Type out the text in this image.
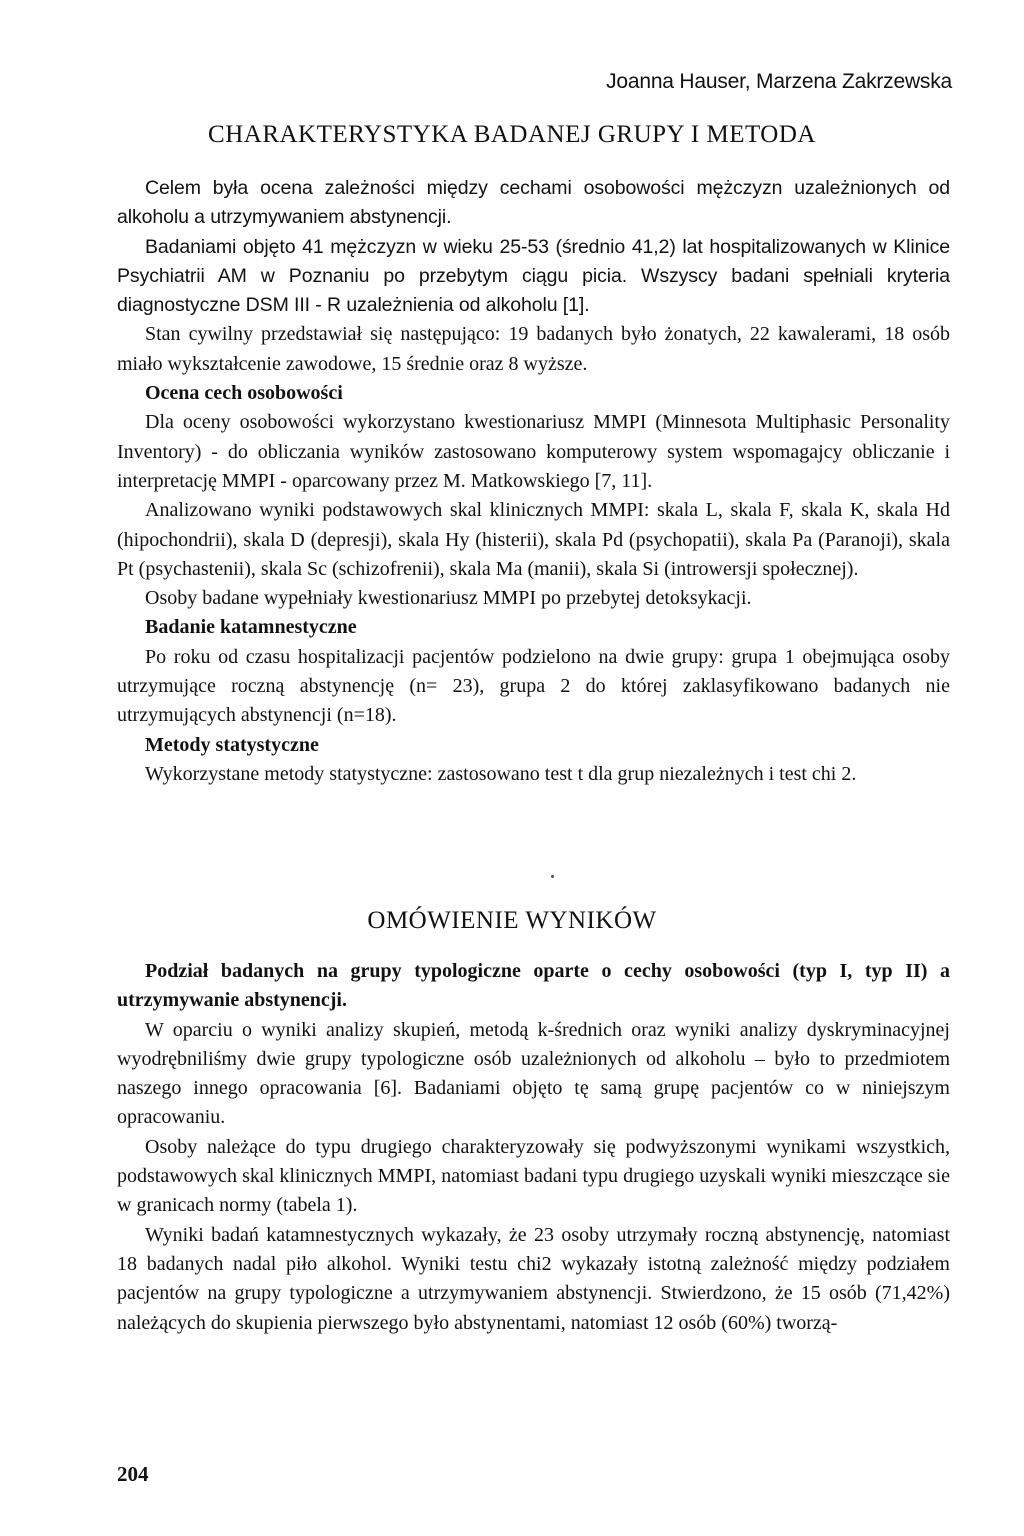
Joanna Hauser, Marzena Zakrzewska
CHARAKTERYSTYKA BADANEJ GRUPY I METODA

Celem była ocena zależności między cechami osobowości mężczyzn uzależnionych od alkoholu a utrzymywaniem abstynencji.

Badaniami objęto 41 mężczyzn w wieku 25-53 (średnio 41,2) lat hospitalizowanych w Klinice Psychiatrii AM w Poznaniu po przebytym ciągu picia. Wszyscy badani spełniali kryteria diagnostyczne DSM III - R uzależnienia od alkoholu [1].

Stan cywilny przedstawiał się następująco: 19 badanych było żonatych, 22 kawalerami, 18 osób miało wykształcenie zawodowe, 15 średnie oraz 8 wyższe.

Ocena cech osobowości

Dla oceny osobowości wykorzystano kwestionariusz MMPI (Minnesota Multiphasic Personality Inventory) - do obliczania wyników zastosowano komputerowy system wspomagajcy obliczanie i interpretację MMPI - oparcowany przez M. Matkowskiego [7, 11].

Analizowano wyniki podstawowych skal klinicznych MMPI: skala L, skala F, skala K, skala Hd (hipochondrii), skala D (depresji), skala Hy (histerii), skala Pd (psychopatii), skala Pa (Paranoji), skala Pt (psychastenii), skala Sc (schizofrenii), skala Ma (manii), skala Si (introwersji społecznej).

Osoby badane wypełniały kwestionariusz MMPI po przebytej detoksykacji.

Badanie katamnestyczne

Po roku od czasu hospitalizacji pacjentów podzielono na dwie grupy: grupa 1 obejmująca osoby utrzymujące roczną abstynencję (n= 23), grupa 2 do której zaklasyfikowano badanych nie utrzymujących abstynencji (n=18).

Metody statystyczne

Wykorzystane metody statystyczne: zastosowano test t dla grup niezależnych i test chi 2.

OMÓWIENIE WYNIKÓW

Podział badanych na grupy typologiczne oparte o cechy osobowości (typ I, typ II) a utrzymywanie abstynencji.

W oparciu o wyniki analizy skupień, metodą k-średnich oraz wyniki analizy dyskryminacyjnej wyodrębniliśmy dwie grupy typologiczne osób uzależnionych od alkoholu – było to przedmiotem naszego innego opracowania [6]. Badaniami objęto tę samą grupę pacjentów co w niniejszym opracowaniu.

Osoby należące do typu drugiego charakteryzowały się podwyższonymi wynikami wszystkich, podstawowych skal klinicznych MMPI, natomiast badani typu drugiego uzyskali wyniki mieszczące sie w granicach normy (tabela 1).

Wyniki badań katamnestycznych wykazały, że 23 osoby utrzymały roczną abstynencję, natomiast 18 badanych nadal piło alkohol. Wyniki testu chi2 wykazały istotną zależność między podziałem pacjentów na grupy typologiczne a utrzymywaniem abstynencji. Stwierdzono, że 15 osób (71,42%) należących do skupienia pierwszego było abstynentami, natomiast 12 osób (60%) tworzą-

204
